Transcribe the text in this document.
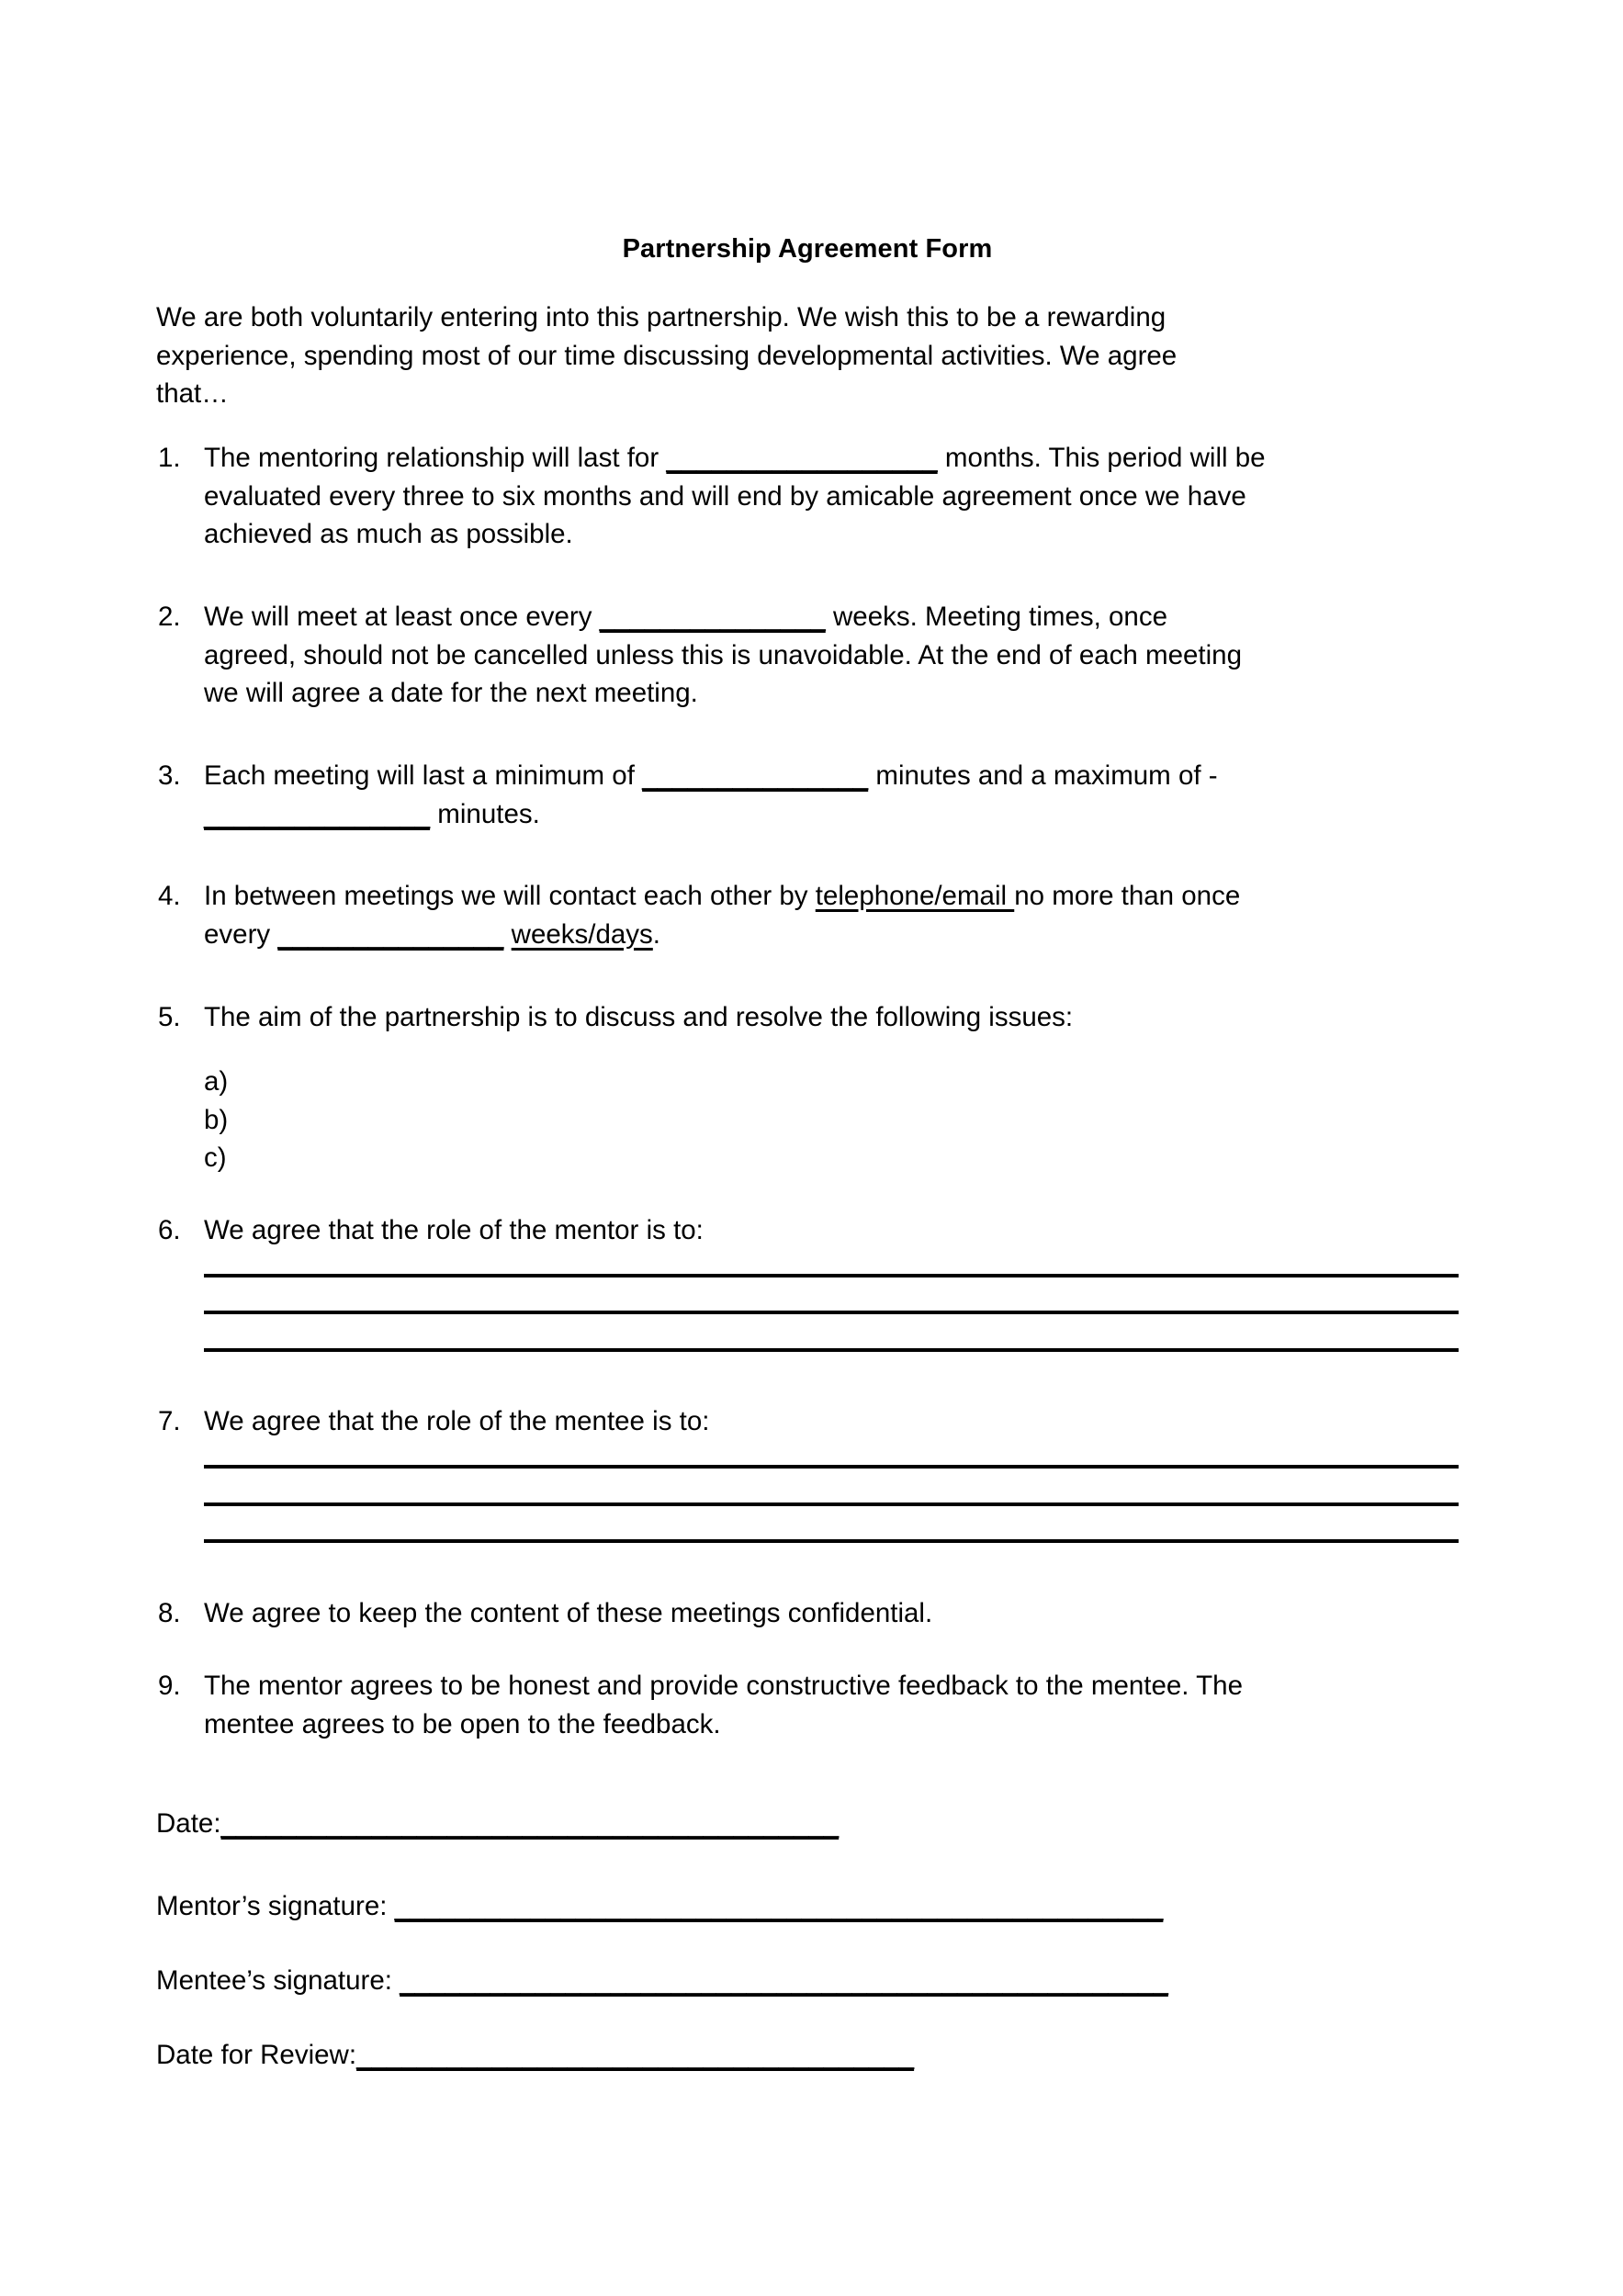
Partnership Agreement Form
We are both voluntarily entering into this partnership. We wish this to be a rewarding
experience, spending most of our time discussing developmental activities. We agree
that…
1. The mentoring relationship will last for __________________ months. This period will be
evaluated every three to six months and will end by amicable agreement once we have
achieved as much as possible.
2. We will meet at least once every _______________ weeks. Meeting times, once
agreed, should not be cancelled unless this is unavoidable. At the end of each meeting
we will agree a date for the next meeting.
3. Each meeting will last a minimum of _______________ minutes and a maximum of -
_______________ minutes.
4. In between meetings we will contact each other by telephone/email no more than once
every _______________ weeks/days.
5. The aim of the partnership is to discuss and resolve the following issues:
a)
b)
c)
6. We agree that the role of the mentor is to:
7. We agree that the role of the mentee is to:
8. We agree to keep the content of these meetings confidential.
9. The mentor agrees to be honest and provide constructive feedback to the mentee. The
mentee agrees to be open to the feedback.
Date:_________________________________________
Mentor’s signature: ___________________________________________________
Mentee’s signature: ___________________________________________________
Date for Review:_____________________________________
